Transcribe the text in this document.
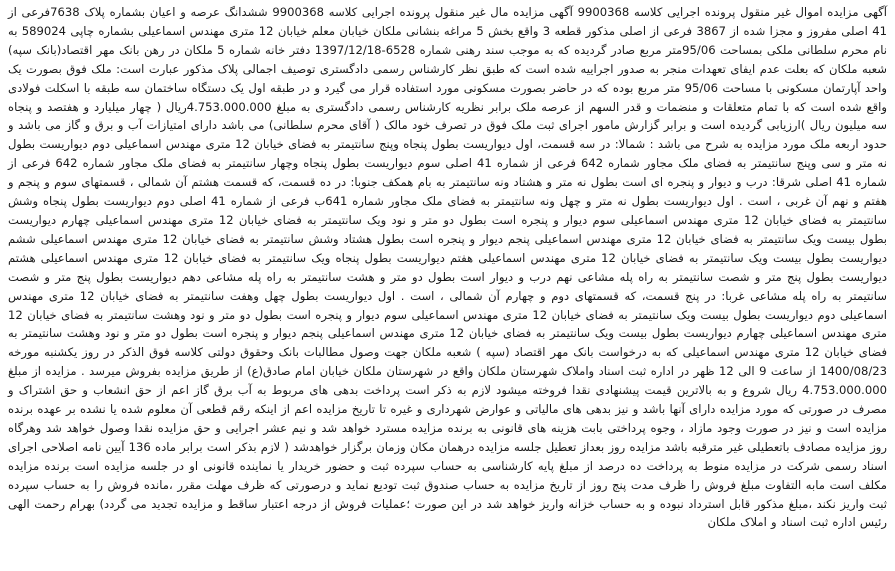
آگهی مزایده اموال غیر منقول پرونده اجرایی کلاسه 9900368 آگهی مزایده مال غیر منقول پرونده اجرایی کلاسه 9900368 ششدانگ عرصه و اعیان بشماره پلاک 7638فرعی از 41 اصلی مفروز و مجزا شده از 3867 فرعی از اصلی مذکور قطعه 3 واقع بخش 5 مراغه بنشانی ملکان خیابان معلم خیابان 12 متری مهندس اسماعیلی بشماره چاپی 589024 به نام محرم سلطانی ملکی بمساحت 95/06متر مربع صادر گردیده که به موجب سند رهنی شماره 6528-1397/12/18 دفتر خانه شماره 5 ملکان در رهن بانک مهر اقتصاد(بانک سپه) شعبه ملکان که بعلت عدم ایفای تعهدات منجر به صدور اجراییه شده است که طبق نظر کارشناس رسمی دادگستری توصیف اجمالی پلاک مذکور عبارت است: ملک فوق بصورت یک واحد آپارتمان مسکونی با مساحت 95/06 متر مربع بوده که در حاضر بصورت مسکونی مورد استفاده قرار می گیرد و در طبقه اول یک دستگاه ساختمان سه طبقه با اسکلت فولادی واقع شده است که با تمام متعلقات و منضمات و قدر السهم از عرصه ملک برابر نظریه کارشناس رسمی دادگستری به مبلغ 4.753.000.000ریال ( چهار میلیارد و هفتصد و پنجاه سه میلیون ریال )ارزیابی گردیده است و برابر گزارش مامور اجرای ثبت ملک فوق در تصرف خود مالک ( آقای محرم سلطانی) می باشد دارای امتیازات آب و برق و گاز می باشد و حدود اربعه ملک مورد مزایده به شرح می باشد : شمالا: در سه قسمت، اول دیواریست بطول پنجاه وپنج سانتیمتر به فضای خیابان 12 متری مهندس اسماعیلی دوم دیواریست بطول نه متر و سی وپنج سانتیمتر به فضای ملک مجاور شماره 642 فرعی از شماره 41 اصلی سوم دیواریست بطول پنجاه وچهار سانتیمتر به فضای ملک مجاور شماره 642 فرعی از شماره 41 اصلی شرقا: درب و دیوار و پنجره ای است بطول نه متر و هشتاد ونه سانتیمتر به بام همکف جنوبا: در ده قسمت، که قسمت هشتم آن شمالی ، قسمتهای سوم و پنجم و هفتم و نهم آن غربی ، است . اول دیواریست بطول نه متر و چهل ونه سانتیمتر به فضای ملک مجاور شماره 641ب فرعی از شماره 41 اصلی دوم دیواریست بطول پنجاه وشش سانتیمتر به فضای خیابان 12 متری مهندس اسماعیلی سوم دیوار و پنجره است بطول دو متر و نود ویک سانتیمتر به فضای خیابان 12 متری مهندس اسماعیلی چهارم دیواریست بطول بیست ویک سانتیمتر به فضای خیابان 12 متری مهندس اسماعیلی پنجم دیوار و پنجره است بطول هشتاد وشش سانتیمتر به فضای خیابان 12 متری مهندس اسماعیلی ششم دیواریست بطول بیست ویک سانتیمتر به فضای خیابان 12 متری مهندس اسماعیلی هفتم دیواریست بطول پنجاه ویک سانتیمتر به فضای خیابان 12 متری مهندس اسماعیلی هشتم دیواریست بطول پنج متر و شصت سانتیمتر به راه پله مشاعی نهم درب و دیوار است بطول دو متر و هشت سانتیمتر به راه پله مشاعی دهم دیواریست بطول پنج متر و شصت سانتیمتر به راه پله مشاعی غربا: در پنج قسمت، که قسمتهای دوم و چهارم آن شمالی ، است . اول دیواریست بطول چهل وهفت سانتیمتر به فضای خیابان 12 متری مهندس اسماعیلی دوم دیواریست بطول بیست ویک سانتیمتر به فضای خیابان 12 متری مهندس اسماعیلی سوم دیوار و پنجره است بطول دو متر و نود وهشت سانتیمتر به فضای خیابان 12 متری مهندس اسماعیلی چهارم دیواریست بطول بیست ویک سانتیمتر به فضای خیابان 12 متری مهندس اسماعیلی پنجم دیوار و پنجره است بطول دو متر و نود وهشت سانتیمتر به فضای خیابان 12 متری مهندس اسماعیلی که به درخواست بانک مهر اقتصاد (سپه ) شعبه ملکان جهت وصول مطالبات بانک وحقوق دولتی کلاسه فوق الذکر در روز یکشنبه مورخه 1400/08/23 از ساعت 9 الی 12 ظهر در اداره ثبت اسناد واملاک شهرستان ملکان واقع در شهرستان ملکان خیابان امام صادق(ع) از طریق مزایده بفروش میرسد . مزایده از مبلغ 4.753.000.000 ریال شروع و به بالاترین قیمت پیشنهادی نقدا فروخته میشود لازم به ذکر است پرداخت بدهی های مربوط به آب برق گاز اعم از حق انشعاب و حق اشتراک و مصرف در صورتی که مورد مزایده دارای آنها باشد و نیز بدهی های مالیاتی و عوارض شهرداری و غیره تا تاریخ مزایده اعم از اینکه رقم قطعی آن معلوم شده یا نشده بر عهده برنده مزایده است و نیز در صورت وجود مازاد ، وجوه پرداختی بابت هزینه های قانونی به برنده مزایده مسترد خواهد شد و نیم عشر اجرایی و حق مزایده نقدا وصول خواهد شد وهرگاه روز مزایده مصادف باتعطیلی غیر مترقبه باشد مزایده روز بعداز تعطیل جلسه مزایده درهمان مکان وزمان برگزار خواهدشد ( لازم بذکر است برابر ماده 136 آیین نامه اصلاحی اجرای اسناد رسمی شرکت در مزایده منوط به پرداخت ده درصد از مبلغ پایه کارشناسی به حساب سپرده ثبت و حضور خریدار یا نماینده قانونی او در جلسه مزایده است برنده مزایده مکلف است مابه التفاوت مبلغ فروش را ظرف مدت پنج روز از تاریخ مزایده به حساب صندوق ثبت تودیع نماید و درصورتی که ظرف مهلت مقرر ،مانده فروش را به حساب سپرده ثبت واریز نکند ،مبلغ مذکور قابل استرداد نبوده و به حساب خزانه واریز خواهد شد در این صورت ؛عملیات فروش از درجه اعتبار ساقط و مزایده تجدید می گردد) بهرام رحمت الهی رئیس اداره ثبت اسناد و املاک ملکان
